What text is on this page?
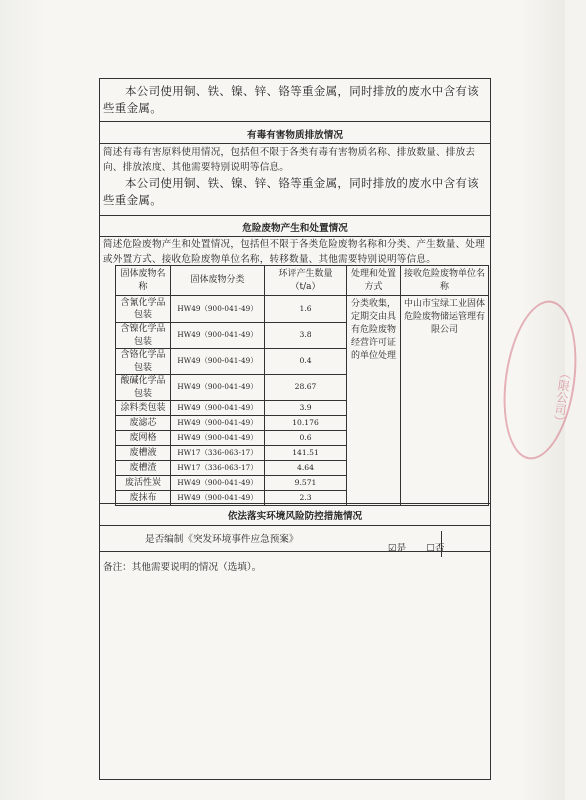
本公司使用铜、铁、镍、锌、铬等重金属，同时排放的废水中含有该些重金属。
有毒有害物质排放情况
简述有毒有害原料使用情况，包括但不限于各类有毒有害物质名称、排放数量、排放去向、排放浓度、其他需要特别说明等信息。
本公司使用铜、铁、镍、锌、铬等重金属，同时排放的废水中含有该些重金属。
危险废物产生和处置情况
简述危险废物产生和处置情况，包括但不限于各类危险废物名称和分类、产生数量、处理或外置方式、接收危险废物单位名称，转移数量、其他需要特别说明等信息。
固体废物名称	固体废物分类	环评产生数量（t/a）	处理和处置方式	接收危险废物单位名称
含氰化学品包装	HW49（900-041-49）	1.6	分类收集，定期交由具有危险废物经营许可证的单位处理	中山市宝绿工业固体危险废物储运管理有限公司
含镍化学品包装	HW49（900-041-49）	3.8		
含铬化学品包装	HW49（900-041-49）	0.4		
酸碱化学品包装	HW49（900-041-49）	28.67		
涂料类包装	HW49（900-041-49）	3.9		
废滤芯	HW49（900-041-49）	10.176		
废网格	HW49（900-041-49）	0.6		
废槽液	HW17（336-063-17）	141.51		
废槽渣	HW17（336-063-17）	4.64		
废活性炭	HW49（900-041-49）	9.571		
废抹布	HW49（900-041-49）	2.3		
依法落实环境风险防控措施情况
是否编制《突发环境事件应急预案》
☑是 ☐否
备注：其他需要说明的情况（选填）。
（限公司）
